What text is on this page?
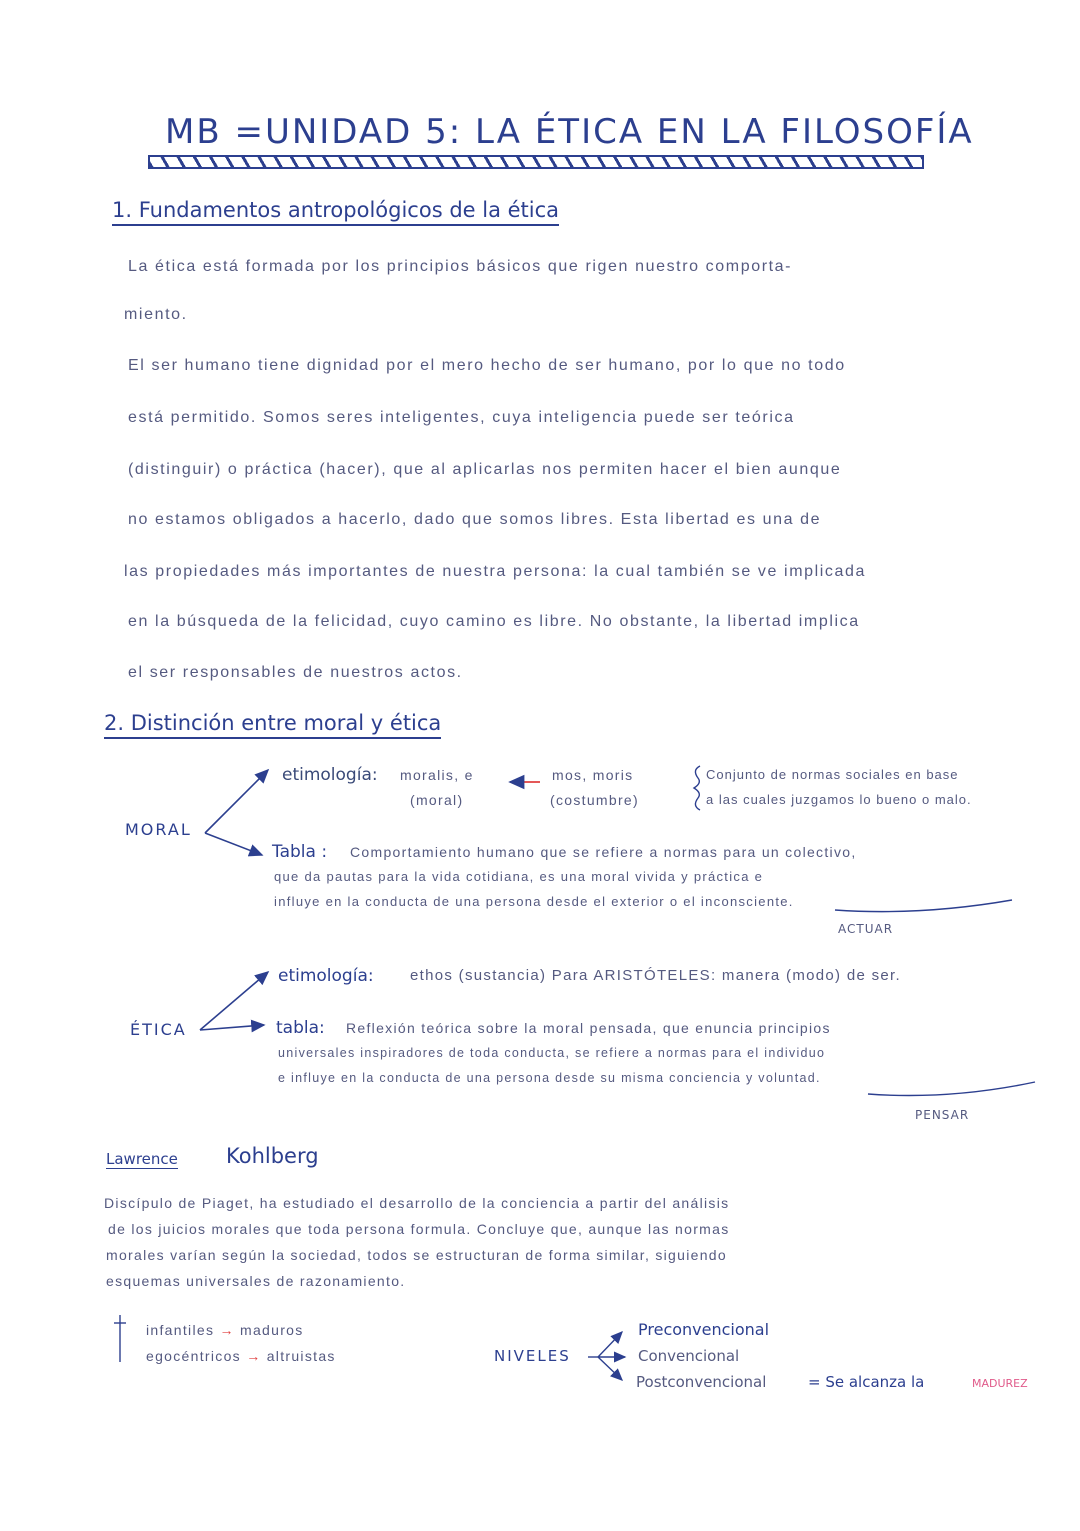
MB =UNIDAD 5: LA ÉTICA EN LA FILOSOFÍA
1. Fundamentos antropológicos de la ética
La ética está formada por los principios básicos que rigen nuestro comporta-
miento.
El ser humano tiene dignidad por el mero hecho de ser humano, por lo que no todo
está permitido. Somos seres inteligentes, cuya inteligencia puede ser teórica
(distinguir) o práctica (hacer), que al aplicarlas nos permiten hacer el bien aunque
no estamos obligados a hacerlo, dado que somos libres. Esta libertad es una de
las propiedades más importantes de nuestra persona: la cual también se ve implicada
en la búsqueda de la felicidad, cuyo camino es libre. No obstante, la libertad implica
el ser responsables de nuestros actos.
2. Distinción entre moral y ética
MORAL
etimología: moralis, e
(moral)
mos, moris
(costumbre)
Conjunto de normas sociales en base
a las cuales juzgamos lo bueno o malo.
Tabla : Comportamiento humano que se refiere a normas para un colectivo,
que da pautas para la vida cotidiana, es una moral vivida y práctica e
influye en la conducta de una persona desde el exterior o el inconsciente.
ACTUAR
ÉTICA
etimología: ethos (sustancia) Para ARISTÓTELES: manera (modo) de ser.
tabla: Reflexión teórica sobre la moral pensada, que enuncia principios
universales inspiradores de toda conducta, se refiere a normas para el individuo
e influye en la conducta de una persona desde su misma conciencia y voluntad.
PENSAR
Lawrence Kohlberg
Discípulo de Piaget, ha estudiado el desarrollo de la conciencia a partir del análisis
de los juicios morales que toda persona formula. Concluye que, aunque las normas
morales varían según la sociedad, todos se estructuran de forma similar, siguiendo
esquemas universales de razonamiento.
infantiles → maduros
egocéntricos → altruistas	NIVELES
Preconvencional
Convencional
Postconvencional	= Se alcanza la	MADUREZ
